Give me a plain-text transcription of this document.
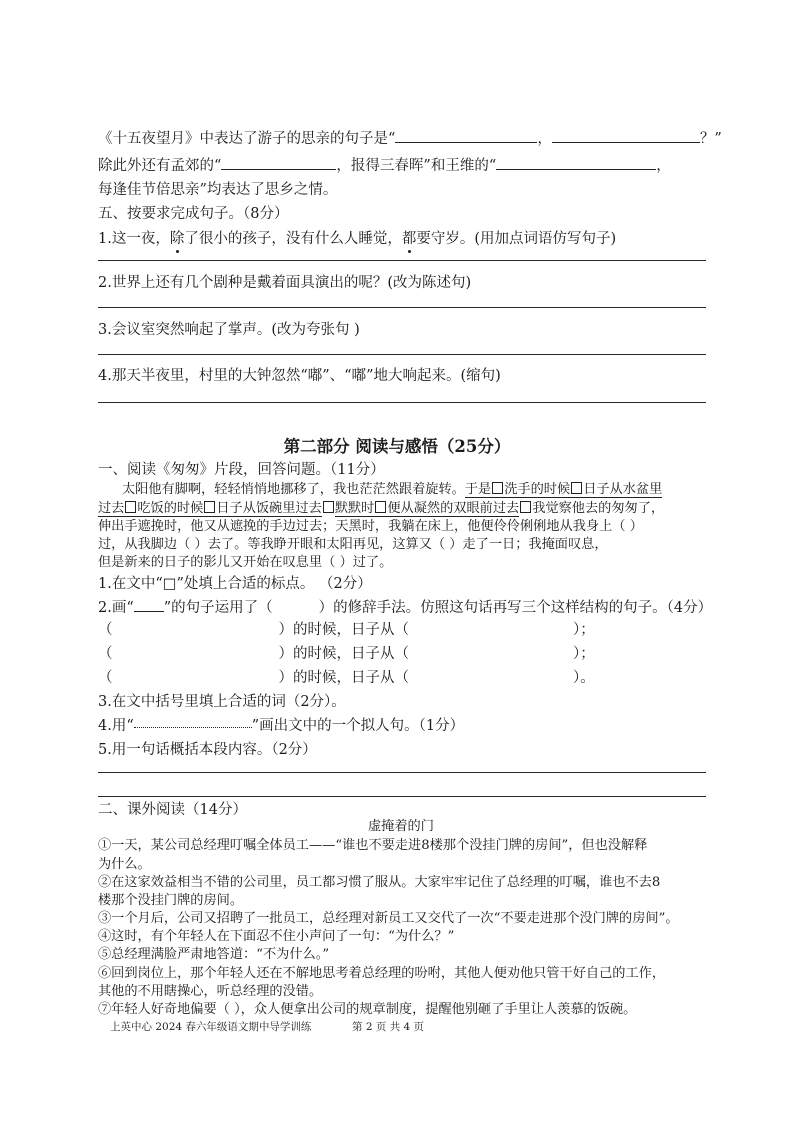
《十五夜望月》中表达了游子的思亲的句子是“	，	？”
除此外还有孟郊的“	，报得三春晖”和王维的“	，
每逢佳节倍思亲”均表达了思乡之情。
五、按要求完成句子。（8分）
1.这一夜，除了很小的孩子，没有什么人睡觉，都要守岁。(用加点词语仿写句子)
2.世界上还有几个剧种是戴着面具演出的呢？(改为陈述句)
3.会议室突然响起了掌声。(改为夸张句 )
4.那天半夜里，村里的大钟忽然“嘟”、“嘟”地大响起来。(缩句)
第二部分 阅读与感悟（25分）
一、阅读《匆匆》片段，回答问题。（11分）
太阳他有脚啊，轻轻悄悄地挪移了，我也茫茫然跟着旋转。于是 洗手的时候 日子从水盆里
过去 吃饭的时候 日子从饭碗里过去 默默时 便从凝然的双眼前过去 我觉察他去的匆匆了，
伸出手遮挽时，他又从遮挽的手边过去；天黑时，我躺在床上，他便伶伶俐俐地从我身上（ ）
过，从我脚边（ ）去了。等我睁开眼和太阳再见，这算又（ ）走了一日；我掩面叹息，
但是新来的日子的影儿又开始在叹息里（ ）过了。
1.在文中“□”处填上合适的标点。 （2分）
2.画“ ”的句子运用了（	）的修辞手法。仿照这句话再写三个这样结构的句子。（4分）
（	）的时候，日子从（	）；
（	）的时候，日子从（	）；
（	）的时候，日子从（	）。
3.在文中括号里填上合适的词（2分）。
4.用“	”画出文中的一个拟人句。（1分）
5.用一句话概括本段内容。（2分）
二、课外阅读（14分）
虚掩着的门
①一天，某公司总经理叮嘱全体员工——“谁也不要走进8楼那个没挂门牌的房间”，但也没解释
为什么。
②在这家效益相当不错的公司里，员工都习惯了服从。大家牢牢记住了总经理的叮嘱，谁也不去8
楼那个没挂门牌的房间。
③一个月后，公司又招聘了一批员工，总经理对新员工又交代了一次“不要走进那个没门牌的房间”。
④这时，有个年轻人在下面忍不住小声问了一句：“为什么？”
⑤总经理满脸严肃地答道：“不为什么。”
⑥回到岗位上，那个年轻人还在不解地思考着总经理的吩咐，其他人便劝他只管干好自己的工作，
其他的不用瞎操心，听总经理的没错。
⑦年轻人好奇地偏要（ ），众人便拿出公司的规章制度，提醒他别砸了手里让人羡慕的饭碗。
上英中心 2024 春六年级语文期中导学训练	第 2 页 共 4 页
